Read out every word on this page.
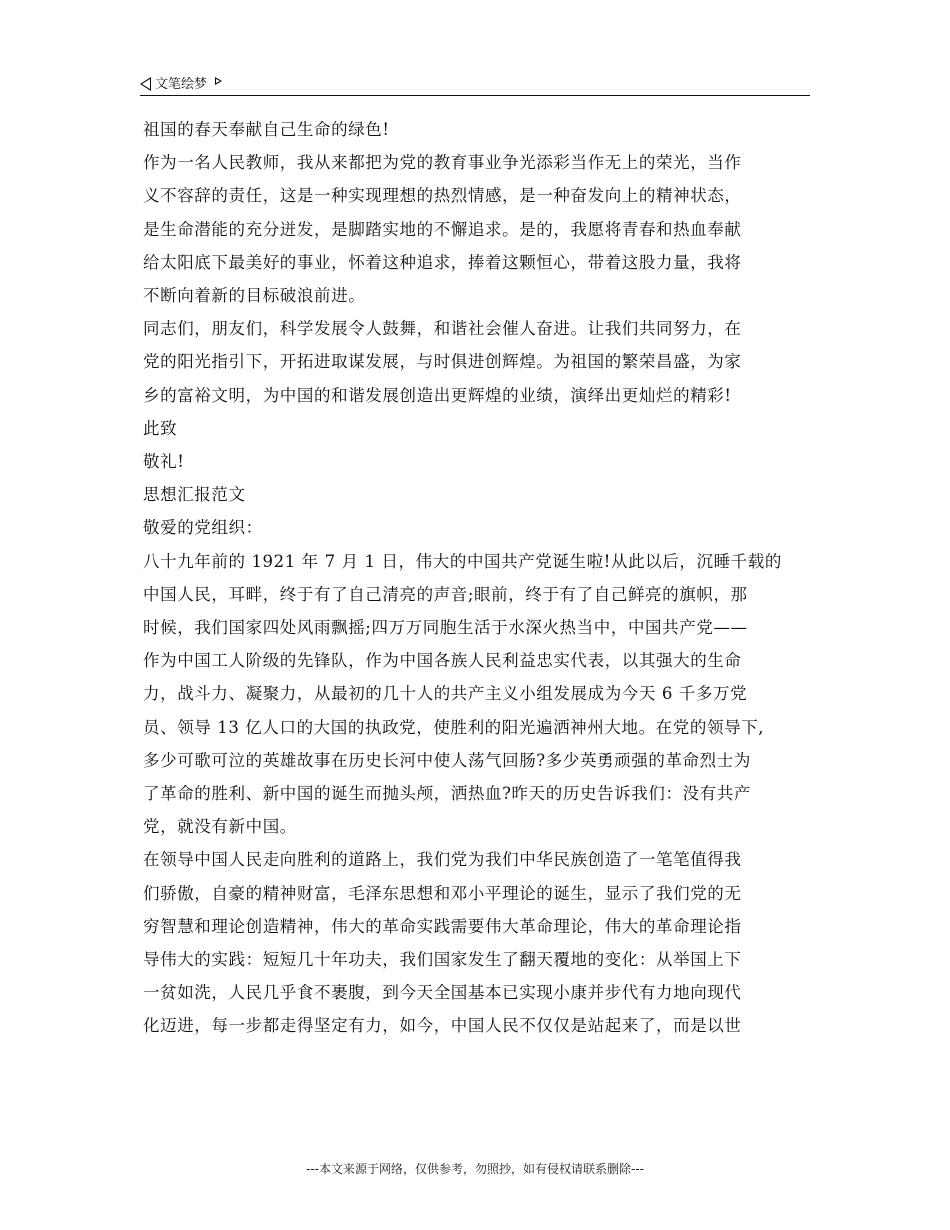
文笔绘梦

祖国的春天奉献自己生命的绿色!

作为一名人民教师，我从来都把为党的教育事业争光添彩当作无上的荣光，当作

义不容辞的责任，这是一种实现理想的热烈情感，是一种奋发向上的精神状态，

是生命潜能的充分迸发，是脚踏实地的不懈追求。是的，我愿将青春和热血奉献

给太阳底下最美好的事业，怀着这种追求，捧着这颗恒心，带着这股力量，我将

不断向着新的目标破浪前进。

同志们，朋友们，科学发展令人鼓舞，和谐社会催人奋进。让我们共同努力，在

党的阳光指引下，开拓进取谋发展，与时俱进创辉煌。为祖国的繁荣昌盛，为家

乡的富裕文明，为中国的和谐发展创造出更辉煌的业绩，演绎出更灿烂的精彩!

此致

敬礼!

思想汇报范文

敬爱的党组织：

八十九年前的 1921 年 7 月 1 日，伟大的中国共产党诞生啦!从此以后，沉睡千载的

中国人民，耳畔，终于有了自己清亮的声音;眼前，终于有了自己鲜亮的旗帜，那

时候，我们国家四处风雨飘摇;四万万同胞生活于水深火热当中，中国共产党——

作为中国工人阶级的先锋队，作为中国各族人民利益忠实代表，以其强大的生命

力，战斗力、凝聚力，从最初的几十人的共产主义小组发展成为今天 6 千多万党

员、领导 13 亿人口的大国的执政党，使胜利的阳光遍洒神州大地。在党的领导下,

多少可歌可泣的英雄故事在历史长河中使人荡气回肠?多少英勇顽强的革命烈士为

了革命的胜利、新中国的诞生而抛头颅，洒热血?昨天的历史告诉我们：没有共产

党，就没有新中国。

在领导中国人民走向胜利的道路上，我们党为我们中华民族创造了一笔笔值得我

们骄傲，自豪的精神财富，毛泽东思想和邓小平理论的诞生，显示了我们党的无

穷智慧和理论创造精神，伟大的革命实践需要伟大革命理论，伟大的革命理论指

导伟大的实践：短短几十年功夫，我们国家发生了翻天覆地的变化：从举国上下

一贫如洗，人民几乎食不裹腹，到今天全国基本已实现小康并步代有力地向现代

化迈进，每一步都走得坚定有力，如今，中国人民不仅仅是站起来了，而是以世

---本文来源于网络，仅供参考，勿照抄，如有侵权请联系删除---
